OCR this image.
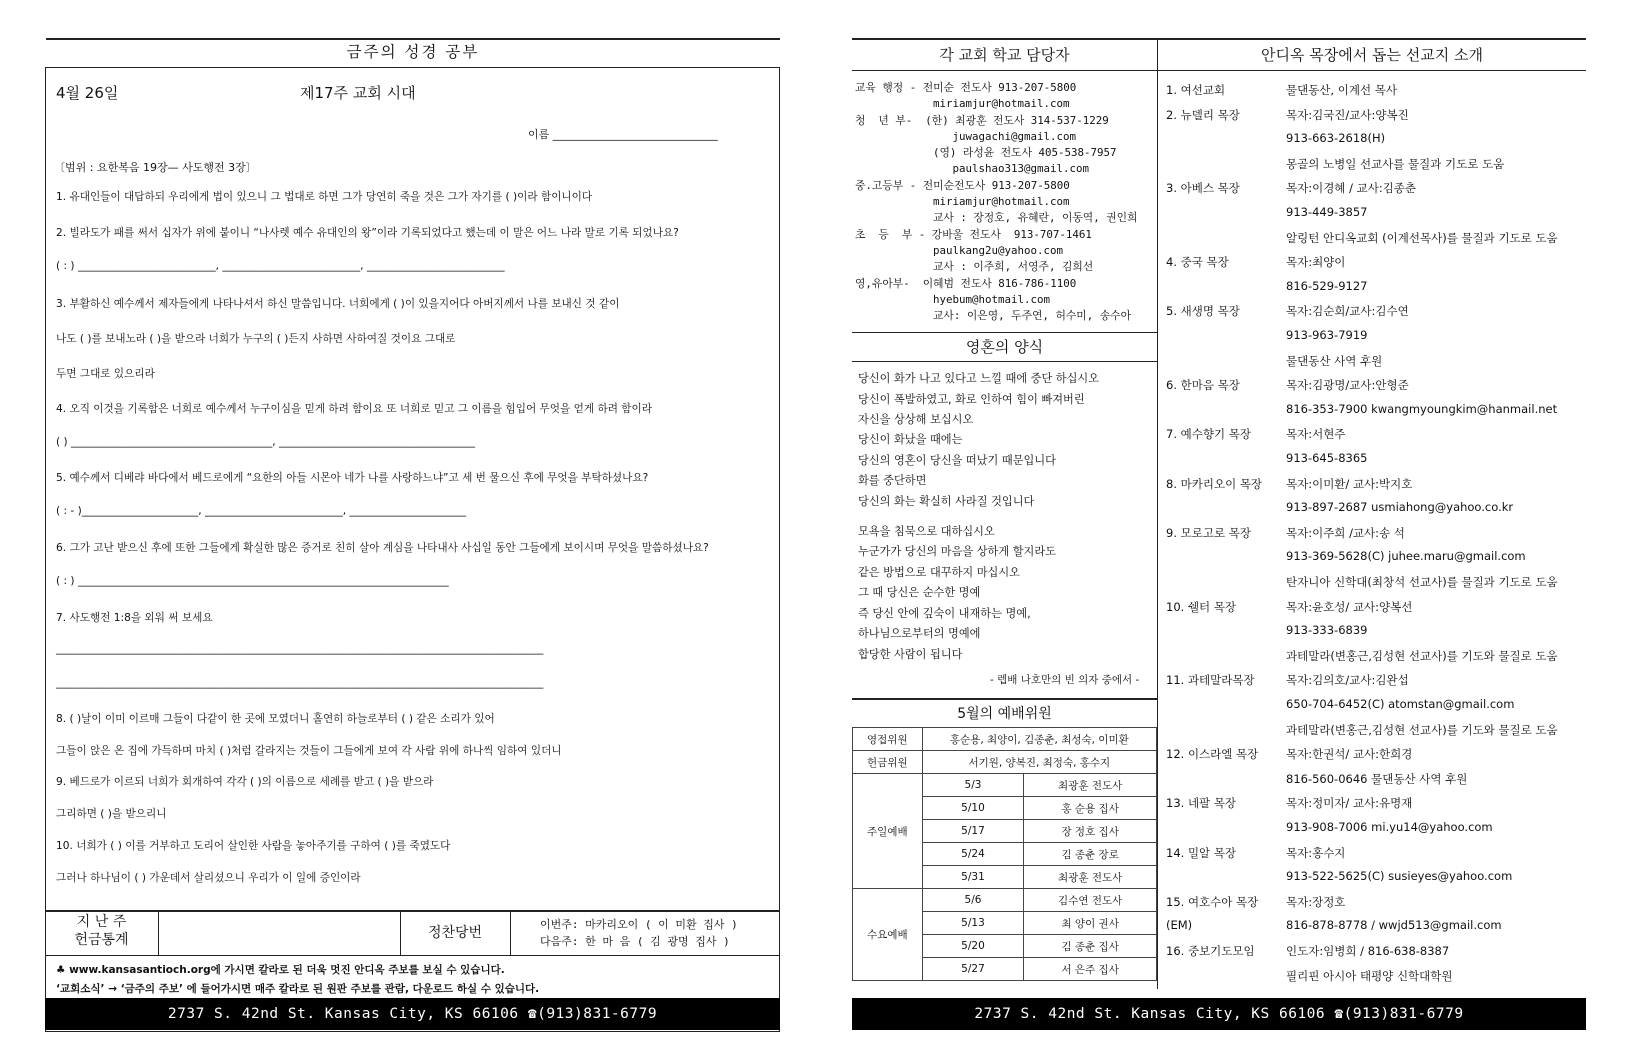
금주의 성경 공부
4월 26일	제17주 교회 시대
이름 ______________________________
〔범위 : 요한복음 19장— 사도행전 3장〕
1. 유대인들이 대답하되 우리에게 법이 있으니 그 법대로 하면 그가 당연히 죽을 것은 그가 자기를 ( )이라 함이니이다
2. 빌라도가 패를 써서 십자가 위에 붙이니 “나사렛 예수 유대인의 왕”이라 기록되었다고 했는데 이 말은 어느 나라 말로 기록 되었나요?
( : ) __________________________, __________________________, __________________________
3. 부활하신 예수께서 제자들에게 나타나셔서 하신 말씀입니다. 너희에게 ( )이 있을지어다 아버지께서 나를 보내신 것 같이
나도 ( )를 보내노라 ( )을 받으라 너희가 누구의 ( )든지 사하면 사하여질 것이요 그대로
두면 그대로 있으리라
4. 오직 이것을 기록함은 너희로 예수께서 누구이심을 믿게 하려 함이요 또 너희로 믿고 그 이름을 힘입어 무엇을 얻게 하려 함이라
( ) ______________________________________, _____________________________________
5. 예수께서 디베랴 바다에서 베드로에게 “요한의 아들 시몬아 네가 나를 사랑하느냐”고 세 번 물으신 후에 무엇을 부탁하셨나요?
( : - )______________________, __________________________, ______________________
6. 그가 고난 받으신 후에 또한 그들에게 확실한 많은 증거로 친히 살아 계심을 나타내사 사십일 동안 그들에게 보이시며 무엇을 말씀하셨나요?
( : ) ______________________________________________________________________
7. 사도행전 1:8을 외워 써 보세요
____________________________________________________________________________________________
____________________________________________________________________________________________
8. ( )날이 이미 이르매 그들이 다같이 한 곳에 모였더니 홀연히 하늘로부터 ( ) 같은 소리가 있어
그들이 앉은 온 집에 가득하며 마치 ( )처럼 갈라지는 것들이 그들에게 보여 각 사람 위에 하나씩 임하여 있더니
9. 베드로가 이르되 너희가 회개하여 각각 ( )의 이름으로 세례를 받고 ( )을 받으라
그리하면 ( )을 받으리니
10. 너희가 ( ) 이를 거부하고 도리어 살인한 사람을 놓아주기를 구하여 ( )를 죽였도다
그러나 하나님이 ( ) 가운데서 살리셨으니 우리가 이 일에 증인이라
지 난 주
헌금통계	정찬당번
이번주: 마카리오이 ( 이 미환 집사 )
다음주: 한 마 음 ( 김 광명 집사 )
♣ www.kansasantioch.org에 가시면 칼라로 된 더욱 멋진 안디옥 주보를 보실 수 있습니다.
‘교회소식’ → ‘금주의 주보’ 에 들어가시면 매주 칼라로 된 원판 주보를 관람, 다운로드 하실 수 있습니다.
2737 S. 42nd St. Kansas City, KS 66106 ☎(913)831-6779
각 교회 학교 담당자
교육 행정 - 전미순 전도사 913-207-5800
miriamjur@hotmail.com
청  년 부-  (한) 최광훈 전도사 314-537-1229
juwagachi@gmail.com
(영) 라성윤 전도사 405-538-7957
paulshao313@gmail.com
중.고등부 - 전미순전도사 913-207-5800
miriamjur@hotmail.com
교사 : 장정호, 유혜란, 이동역, 권인희
초  등  부 - 강바울 전도사  913-707-1461
paulkang2u@yahoo.com
교사 : 이주희, 서영주, 김희선
영,유아부-  이혜범 전도사 816-786-1100
hyebum@hotmail.com
교사: 이은영, 두주연, 허수미, 송수아
영혼의 양식
당신이 화가 나고 있다고 느낄 때에 중단 하십시오
당신이 폭발하였고, 화로 인하여 힘이 빠져버린
자신을 상상해 보십시오
당신이 화났을 때에는
당신의 영혼이 당신을 떠났기 때문입니다
화를 중단하면
당신의 화는 확실히 사라질 것입니다
모욕을 침묵으로 대하십시오
누군가가 당신의 마음을 상하게 할지라도
같은 방법으로 대꾸하지 마십시오
그 때 당신은 순수한 명예
즉 당신 안에 깊숙이 내재하는 명예,
하나님으로부터의 명예에
합당한 사람이 됩니다
- 렙배 나호만의 빈 의자 중에서 -
5월의 예배위원
영접위원	홍순용, 최양이, 김종춘, 최성숙, 이미환	
헌금위원	서기원, 양복진, 최정숙, 홍수지	
주일예배	5/3	최광훈 전도사
	5/10	홍 순용 집사
	5/17	장 정호 집사
	5/24	김 종춘 장로
	5/31	최광훈 전도사
수요예배	5/6	김수연 전도사
	5/13	최 양이 권사
	5/20	김 종춘 집사
	5/27	서 은주 집사
안디옥 목장에서 돕는 선교지 소개
1. 여선교회	물댄동산, 이계선 목사
2. 뉴델리 목장	목자:김국진/교사:양복진
913-663-2618(H)
몽골의 노병일 선교사를 물질과 기도로 도움
3. 아베스 목장	목자:이경혜 / 교사:김종춘
913-449-3857
알링턴 안디옥교회 (이계선목사)를 물질과 기도로 도움
4. 중국 목장	목자:최양이
816-529-9127
5. 새생명 목장	목자:김순희/교사:김수연
913-963-7919
물댄동산 사역 후원
6. 한마음 목장	목자:김광명/교사:안형준
816-353-7900 kwangmyoungkim@hanmail.net
7. 예수향기 목장	목자:서현주
913-645-8365
8. 마카리오이 목장 목자:이미환/ 교사:박지호
913-897-2687 usmiahong@yahoo.co.kr
9. 모로고로 목장	목자:이주희 /교사:송 석
913-369-5628(C) juhee.maru@gmail.com
탄자니아 신학대(최창석 선교사)를 물질과 기도로 도움
10. 쉘터 목장	목자:윤호성/ 교사:양복선
913-333-6839
과테말라(변홍근,김성현 선교사)를 기도와 물질로 도움
11. 과테말라목장	목자:김의호/교사:김완섭
650-704-6452(C) atomstan@gmail.com
과테말라(변홍근,김성현 선교사)를 기도와 물질로 도움
12. 이스라엘 목장 목자:한권석/ 교사:한희경
816-560-0646 물댄동산 사역 후원
13. 네팔 목장	목자:정미자/ 교사:유명재
913-908-7006 mi.yu14@yahoo.com
14. 밀알 목장	목자:홍수지
913-522-5625(C) susieyes@yahoo.com
15. 여호수아 목장 목자:장정호
(EM)	816-878-8778 / wwjd513@gmail.com
16. 중보기도모임	인도자:임병희 / 816-638-8387
필리핀 아시아 태평양 신학대학원
2737 S. 42nd St. Kansas City, KS 66106 ☎(913)831-6779
